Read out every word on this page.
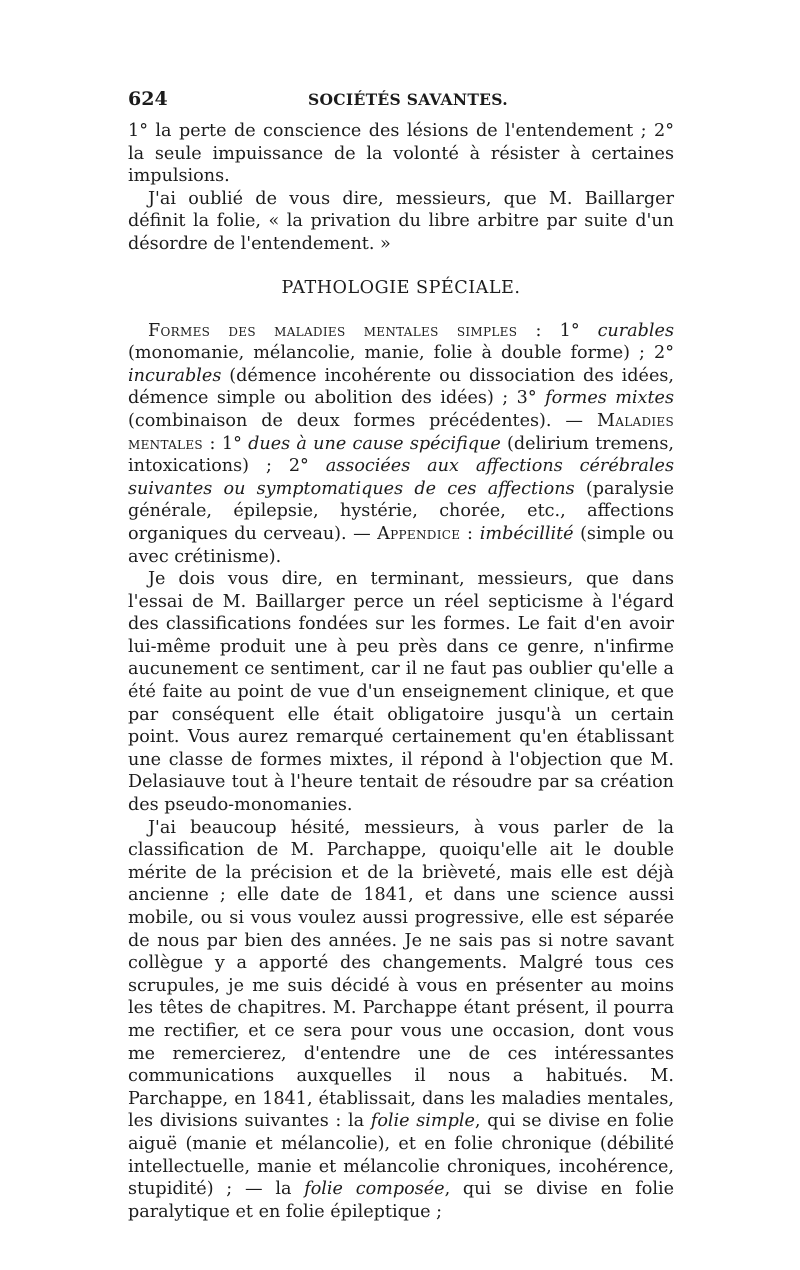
624	SOCIÉTÉS SAVANTES.

1° la perte de conscience des lésions de l'entendement ; 2° la seule impuissance de la volonté à résister à certaines impulsions.

J'ai oublié de vous dire, messieurs, que M. Baillarger définit la folie, « la privation du libre arbitre par suite d'un désordre de l'entendement. »

PATHOLOGIE SPÉCIALE.

Formes des maladies mentales simples : 1° curables (monomanie, mélancolie, manie, folie à double forme) ; 2° incurables (démence incohérente ou dissociation des idées, démence simple ou abolition des idées) ; 3° formes mixtes (combinaison de deux formes précédentes). — Maladies mentales : 1° dues à une cause spécifique (delirium tremens, intoxications) ; 2° associées aux affections cérébrales suivantes ou symptomatiques de ces affections (paralysie générale, épilepsie, hystérie, chorée, etc., affections organiques du cerveau). — Appendice : imbécillité (simple ou avec crétinisme).

Je dois vous dire, en terminant, messieurs, que dans l'essai de M. Baillarger perce un réel septicisme à l'égard des classifications fondées sur les formes. Le fait d'en avoir lui-même produit une à peu près dans ce genre, n'infirme aucunement ce sentiment, car il ne faut pas oublier qu'elle a été faite au point de vue d'un enseignement clinique, et que par conséquent elle était obligatoire jusqu'à un certain point. Vous aurez remarqué certainement qu'en établissant une classe de formes mixtes, il répond à l'objection que M. Delasiauve tout à l'heure tentait de résoudre par sa création des pseudo-monomanies.

J'ai beaucoup hésité, messieurs, à vous parler de la classification de M. Parchappe, quoiqu'elle ait le double mérite de la précision et de la brièveté, mais elle est déjà ancienne ; elle date de 1841, et dans une science aussi mobile, ou si vous voulez aussi progressive, elle est séparée de nous par bien des années. Je ne sais pas si notre savant collègue y a apporté des changements. Malgré tous ces scrupules, je me suis décidé à vous en présenter au moins les têtes de chapitres. M. Parchappe étant présent, il pourra me rectifier, et ce sera pour vous une occasion, dont vous me remercierez, d'entendre une de ces intéressantes communications auxquelles il nous a habitués. M. Parchappe, en 1841, établissait, dans les maladies mentales, les divisions suivantes : la folie simple, qui se divise en folie aiguë (manie et mélancolie), et en folie chronique (débilité intellectuelle, manie et mélancolie chroniques, incohérence, stupidité) ; — la folie composée, qui se divise en folie paralytique et en folie épileptique ;
